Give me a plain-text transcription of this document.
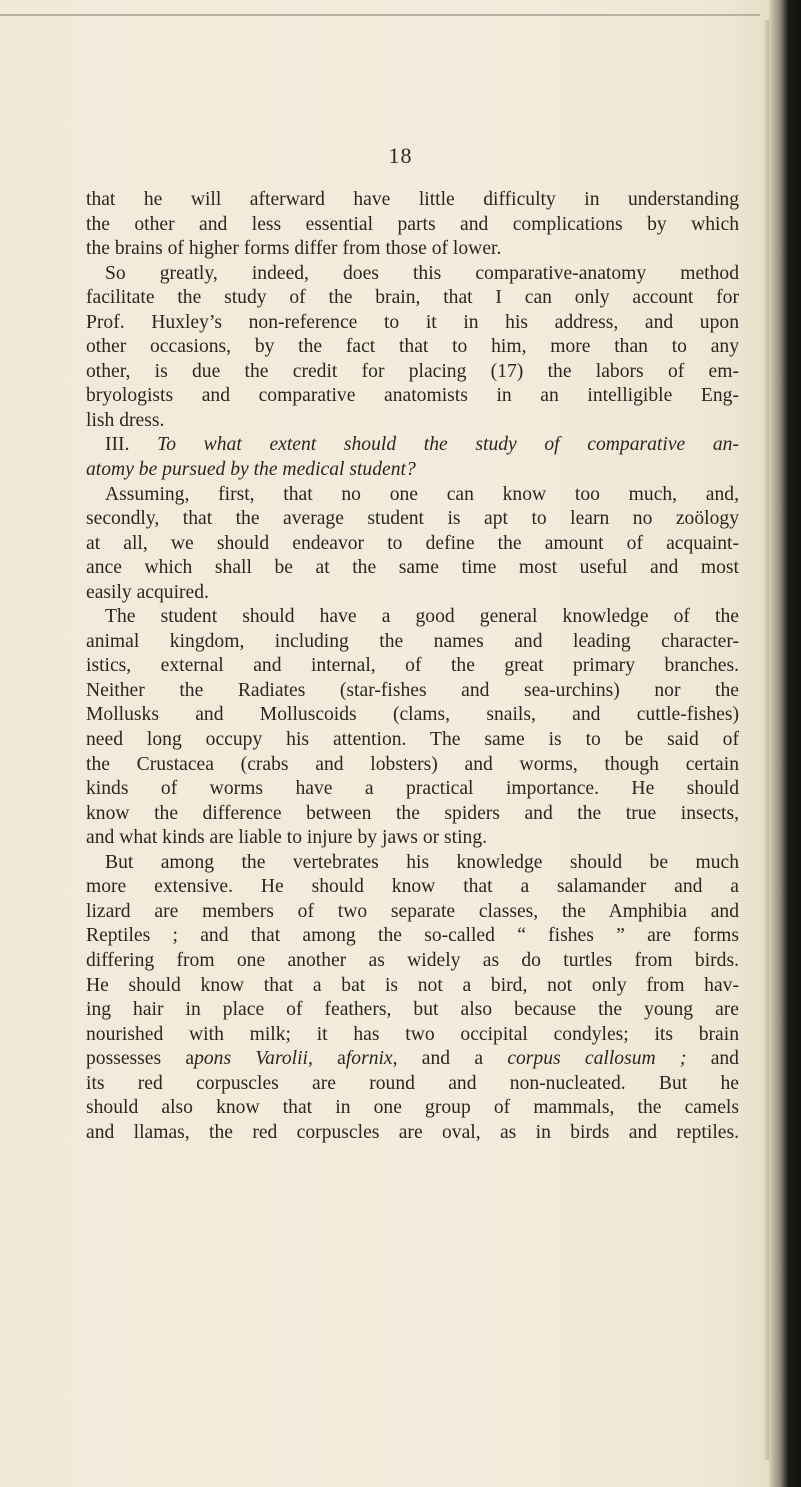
18
that he will afterward have little difficulty in understanding
the other and less essential parts and complications by which
the brains of higher forms differ from those of lower.
So greatly, indeed, does this comparative-anatomy method
facilitate the study of the brain, that I can only account for
Prof. Huxley’s non-reference to it in his address, and upon
other occasions, by the fact that to him, more than to any
other, is due the credit for placing (17) the labors of em-
bryologists and comparative anatomists in an intelligible Eng-
lish dress.
III. To what extent should the study of comparative an-
atomy be pursued by the medical student?
Assuming, first, that no one can know too much, and,
secondly, that the average student is apt to learn no zoölogy
at all, we should endeavor to define the amount of acquaint-
ance which shall be at the same time most useful and most
easily acquired.
The student should have a good general knowledge of the
animal kingdom, including the names and leading character-
istics, external and internal, of the great primary branches.
Neither the Radiates (star-fishes and sea-urchins) nor the
Mollusks and Molluscoids (clams, snails, and cuttle-fishes)
need long occupy his attention. The same is to be said of
the Crustacea (crabs and lobsters) and worms, though certain
kinds of worms have a practical importance. He should
know the difference between the spiders and the true insects,
and what kinds are liable to injure by jaws or sting.
But among the vertebrates his knowledge should be much
more extensive. He should know that a salamander and a
lizard are members of two separate classes, the Amphibia and
Reptiles ; and that among the so-called “ fishes ” are forms
differing from one another as widely as do turtles from birds.
He should know that a bat is not a bird, not only from hav-
ing hair in place of feathers, but also because the young are
nourished with milk; it has two occipital condyles; its brain
possesses apons Varolii, afornix, and a corpus callosum ; and
its red corpuscles are round and non-nucleated. But he
should also know that in one group of mammals, the camels
and llamas, the red corpuscles are oval, as in birds and reptiles.
